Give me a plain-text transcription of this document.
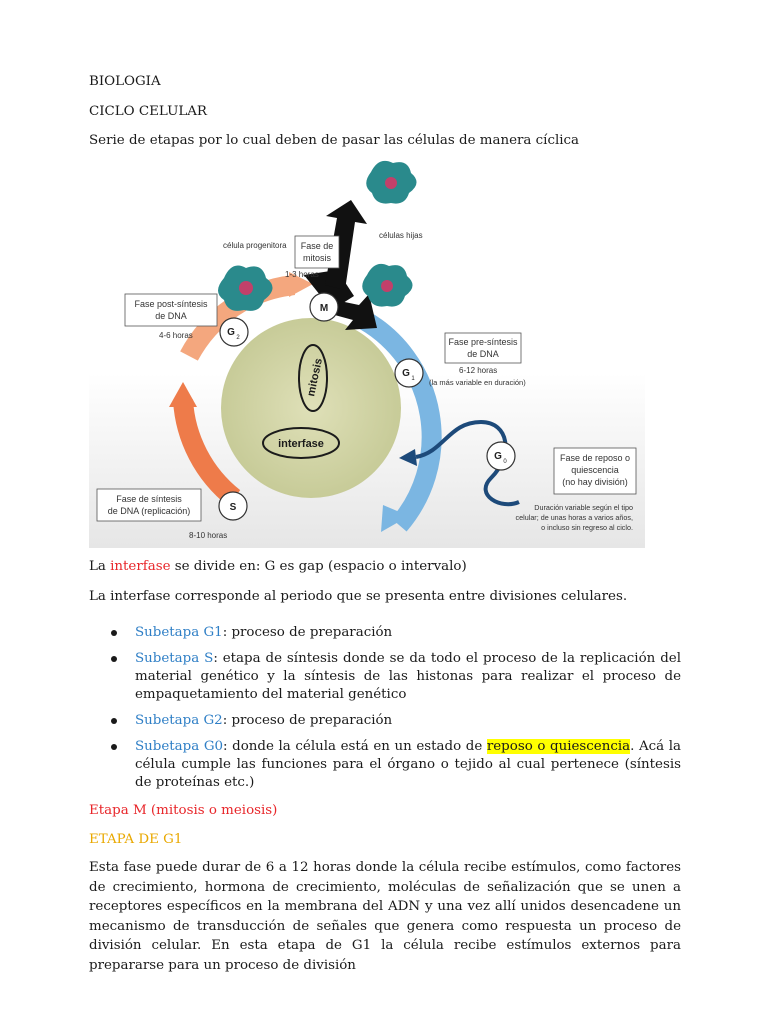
BIOLOGIA
CICLO CELULAR
Serie de etapas por lo cual deben de pasar las células de manera cíclica
La interfase se divide en: G es gap (espacio o intervalo)
La interfase corresponde al periodo que se presenta entre divisiones celulares.
Subetapa G1: proceso de preparación
Subetapa S: etapa de síntesis donde se da todo el proceso de la replicación del material genético y la síntesis de las histonas para realizar el proceso de empaquetamiento del material genético
Subetapa G2: proceso de preparación
Subetapa G0: donde la célula está en un estado de reposo o quiescencia. Acá la célula cumple las funciones para el órgano o tejido al cual pertenece (síntesis de proteínas etc.)
Etapa M (mitosis o meiosis)
ETAPA DE G1
Esta fase puede durar de 6 a 12 horas donde la célula recibe estímulos, como factores de crecimiento, hormona de crecimiento, moléculas de señalización que se unen a receptores específicos en la membrana del ADN y una vez allí unidos desencadene un mecanismo de transducción de señales que genera como respuesta un proceso de división celular. En esta etapa de G1 la célula recibe estímulos externos para prepararse para un proceso de división
mitosis
interfase
M
G 2
G 1
G 0
S
célula progenitora
células hijas
Fase de
mitosis
1-3 horas
Fase post-síntesis
de DNA
4-6 horas
Fase pre-síntesis
de DNA
6-12 horas
(la más variable en duración)
Fase de reposo o
quiescencia
(no hay división)
Duración variable según el tipo
celular; de unas horas a varios años,
o incluso sin regreso al ciclo.
Fase de síntesis
de DNA (replicación)
8-10 horas
